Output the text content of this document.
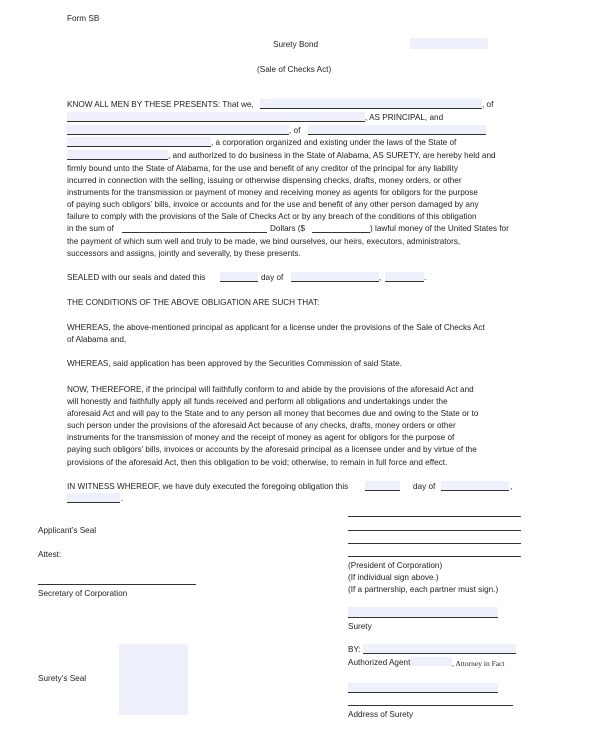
Form SB
Surety Bond
(Sale of Checks Act)
KNOW ALL MEN BY THESE PRESENTS: That we,	, of
, AS PRINCIPAL, and
, of
, a corporation organized and existing under the laws of the State of
, and authorized to do business in the State of Alabama, AS SURETY, are hereby held and
firmly bound unto the State of Alabama, for the use and benefit of any creditor of the principal for any liability
incurred in connection with the selling, issuing or otherwise dispensing checks, drafts, money orders, or other
instruments for the transmission or payment of money and receiving money as agents for obligors for the purpose
of paying such obligors’ bills, invoice or accounts and for the use and benefit of any other person damaged by any
failure to comply with the provisions of the Sale of Checks Act or by any breach of the conditions of this obligation
in the sum of	Dollars ($	) lawful money of the United States for
the payment of which sum well and truly to be made, we bind ourselves, our heirs, executors, administrators,
successors and assigns, jointly and severally, by these presents.
SEALED with our seals and dated this	day of	,	.
THE CONDITIONS OF THE ABOVE OBLIGATION ARE SUCH THAT:
WHEREAS, the above-mentioned principal as applicant for a license under the provisions of the Sale of Checks Act
of Alabama and,
WHEREAS, said application has been approved by the Securities Commission of said State.
NOW, THEREFORE, if the principal will faithfully conform to and abide by the provisions of the aforesaid Act and
will honestly and faithfully apply all funds received and perform all obligations and undertakings under the
aforesaid Act and will pay to the State and to any person all money that becomes due and owing to the State or to
such person under the provisions of the aforesaid Act because of any checks, drafts, money orders or other
instruments for the transmission of money and the receipt of money as agent for obligors for the purpose of
paying such obligors’ bills, invoices or accounts by the aforesaid principal as a licensee under and by virtue of the
provisions of the aforesaid Act, then this obligation to be void; otherwise, to remain in full force and effect.
IN WITNESS WHEREOF, we have duly executed the foregoing obligation this	day of	,
.
Applicant’s Seal
Attest:
Secretary of Corporation
(President of Corporation)
(If individual sign above.)
(If a partnership, each partner must sign.)
Surety
BY:
Authorized Agent	, Attorney in Fact
Address of Surety
Surety’s Seal
